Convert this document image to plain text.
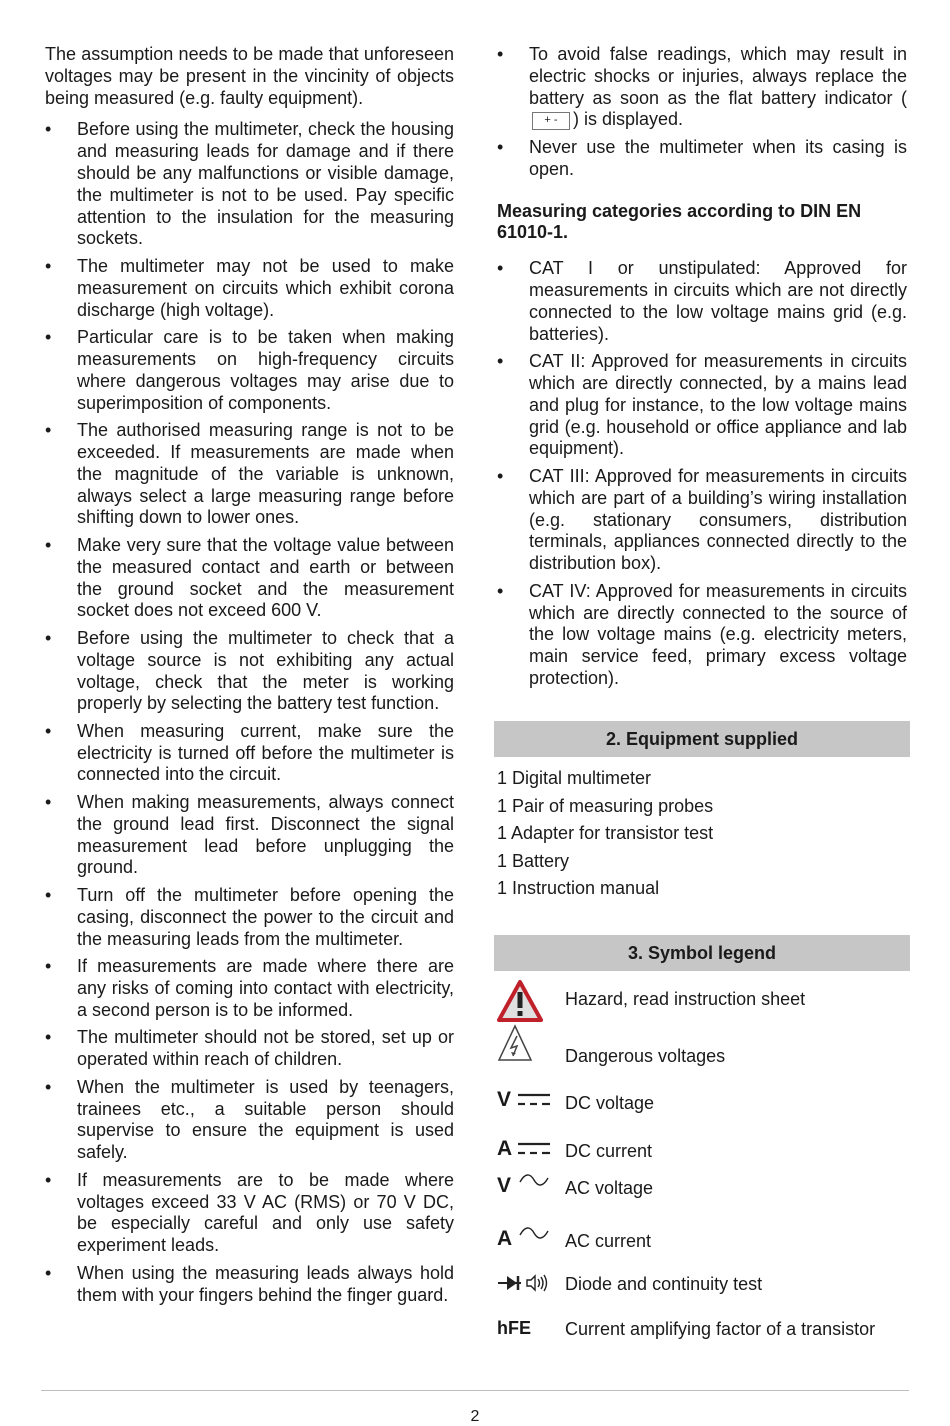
The assumption needs to be made that unforeseen voltages may be present in the vincinity of objects being measured (e.g. faulty equipment).

•	Before using the multimeter, check the housing and measuring leads for damage and if there should be any malfunctions or visible damage, the multimeter is not to be used. Pay specific attention to the insulation for the measuring sockets.
•	The multimeter may not be used to make measurement on circuits which exhibit corona discharge (high voltage).
•	Particular care is to be taken when making measurements on high-frequency circuits where dangerous voltages may arise due to superimposition of components.
•	The authorised measuring range is not to be exceeded. If measurements are made when the magnitude of the variable is unknown, always select a large measuring range before shifting down to lower ones.
•	Make very sure that the voltage value between the measured contact and earth or between the ground socket and the measurement socket does not exceed 600 V.
•	Before using the multimeter to check that a voltage source is not exhibiting any actual voltage, check that the meter is working properly by selecting the battery test function.
•	When measuring current, make sure the electricity is turned off before the multimeter is connected into the circuit.
•	When making measurements, always connect the ground lead first. Disconnect the signal measurement lead before unplugging the ground.
•	Turn off the multimeter before opening the casing, disconnect the power to the circuit and the measuring leads from the multimeter.
•	If measurements are made where there are any risks of coming into contact with electricity, a second person is to be informed.
•	The multimeter should not be stored, set up or operated within reach of children.
•	When the multimeter is used by teenagers, trainees etc., a suitable person should supervise to ensure the equipment is used safely.
•	If measurements are to be made where voltages exceed 33 V AC (RMS) or 70 V DC, be especially careful and only use safety experiment leads.
•	When using the measuring leads always hold them with your fingers behind the finger guard.
•	To avoid false readings, which may result in electric shocks or injuries, always replace the battery as soon as the flat battery indicator (+ - ) is displayed.
•	Never use the multimeter when its casing is open.
Measuring categories according to DIN EN 61010-1.
•	CAT I or unstipulated: Approved for measurements in circuits which are not directly connected to the low voltage mains grid (e.g. batteries).
•	CAT II: Approved for measurements in circuits which are directly connected, by a mains lead and plug for instance, to the low voltage mains grid (e.g. household or office appliance and lab equipment).
•	CAT III: Approved for measurements in circuits which are part of a building’s wiring installation (e.g. stationary consumers, distribution terminals, appliances connected directly to the distribution box).
•	CAT IV: Approved for measurements in circuits which are directly connected to the source of the low voltage mains (e.g. electricity meters, main service feed, primary excess voltage protection).
2. Equipment supplied
1 Digital multimeter
1 Pair of measuring probes
1 Adapter for transistor test
1 Battery
1 Instruction manual
3. Symbol legend
Hazard, read instruction sheet
Dangerous voltages
V	DC voltage
A	DC current
V	AC voltage
A	AC current
Diode and continuity test
hFE Current amplifying factor of a transistor
2
